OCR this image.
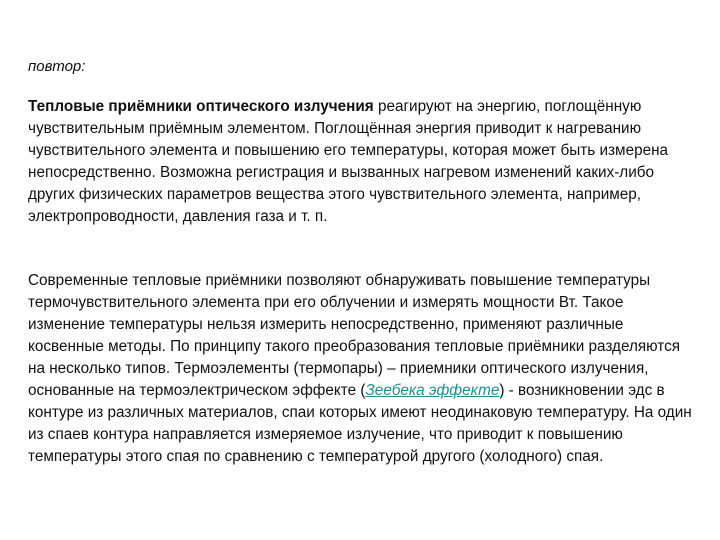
повтор:

Тепловые приёмники оптического излучения реагируют на энергию, поглощённую чувствительным приёмным элементом. Поглощённая энергия приводит к нагреванию чувствительного элемента и повышению его температуры, которая может быть измерена непосредственно. Возможна регистрация и вызванных нагревом изменений каких-либо других физических параметров вещества этого чувствительного элемента, например, электропроводности, давления газа и т. п.

Современные тепловые приёмники позволяют обнаруживать повышение температуры термочувствительного элемента при его облучении и измерять мощности Вт. Такое изменение температуры нельзя измерить непосредственно, применяют различные косвенные методы. По принципу такого преобразования тепловые приёмники разделяются на несколько типов. Термоэлементы (термопары) – приемники оптического излучения, основанные на термоэлектрическом эффекте (Зеебека эффекте) - возникновении эдс в контуре из различных материалов, спаи которых имеют неодинаковую температуру. На один из спаев контура направляется измеряемое излучение, что приводит к повышению температуры этого спая по сравнению с температурой другого (холодного) спая.
